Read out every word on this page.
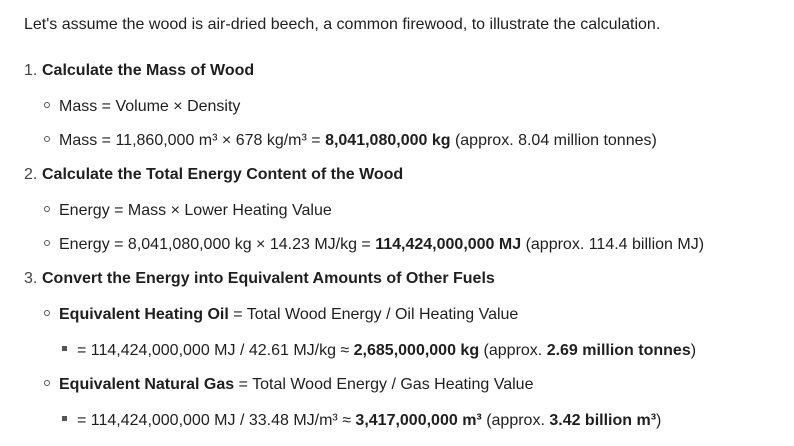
Let's assume the wood is air-dried beech, a common firewood, to illustrate the calculation.
1. Calculate the Mass of Wood
Mass = Volume × Density
Mass = 11,860,000 m³ × 678 kg/m³ = 8,041,080,000 kg (approx. 8.04 million tonnes)
2. Calculate the Total Energy Content of the Wood
Energy = Mass × Lower Heating Value
Energy = 8,041,080,000 kg × 14.23 MJ/kg = 114,424,000,000 MJ (approx. 114.4 billion MJ)
3. Convert the Energy into Equivalent Amounts of Other Fuels
Equivalent Heating Oil = Total Wood Energy / Oil Heating Value
= 114,424,000,000 MJ / 42.61 MJ/kg ≈ 2,685,000,000 kg (approx. 2.69 million tonnes)
Equivalent Natural Gas = Total Wood Energy / Gas Heating Value
= 114,424,000,000 MJ / 33.48 MJ/m³ ≈ 3,417,000,000 m³ (approx. 3.42 billion m³)
